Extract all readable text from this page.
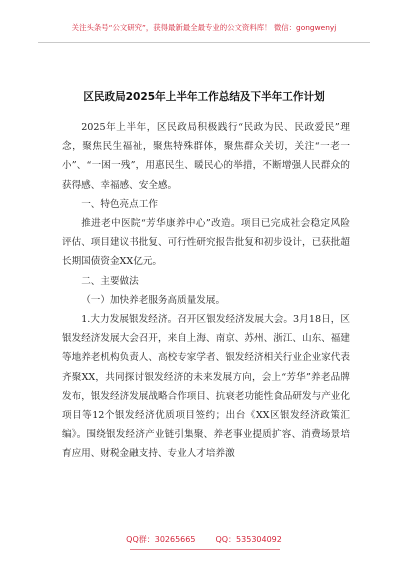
关注头条号“公文研究”，获得最新最全最专业的公文资料库！ 微信：gongwenyj
区民政局2025年上半年工作总结及下半年工作计划

2025年上半年，区民政局积极践行“民政为民、民政爱民”理念，聚焦民生福祉，聚焦特殊群体，聚焦群众关切，关注“一老一小”、“一困一残”，用惠民生、暖民心的举措，不断增强人民群众的获得感、幸福感、安全感。

一、特色亮点工作

推进老中医院“芳华康养中心”改造。项目已完成社会稳定风险评估、项目建议书批复、可行性研究报告批复和初步设计，已获批超长期国债资金XX亿元。

二、主要做法

（一）加快养老服务高质量发展。

1.大力发展银发经济。召开区银发经济发展大会。3月18日，区银发经济发展大会召开，来自上海、南京、苏州、浙江、山东、福建等地养老机构负责人、高校专家学者、银发经济相关行业企业家代表齐聚XX，共同探讨银发经济的未来发展方向，会上“芳华”养老品牌发布，银发经济发展战略合作项目、抗衰老功能性食品研发与产业化项目等12个银发经济优质项目签约；出台《XX区银发经济政策汇编》。围绕银发经济产业链引集聚、养老事业提质扩容、消费场景培育应用、财税金融支持、专业人才培养激

QQ群：30265665	QQ：535304092
